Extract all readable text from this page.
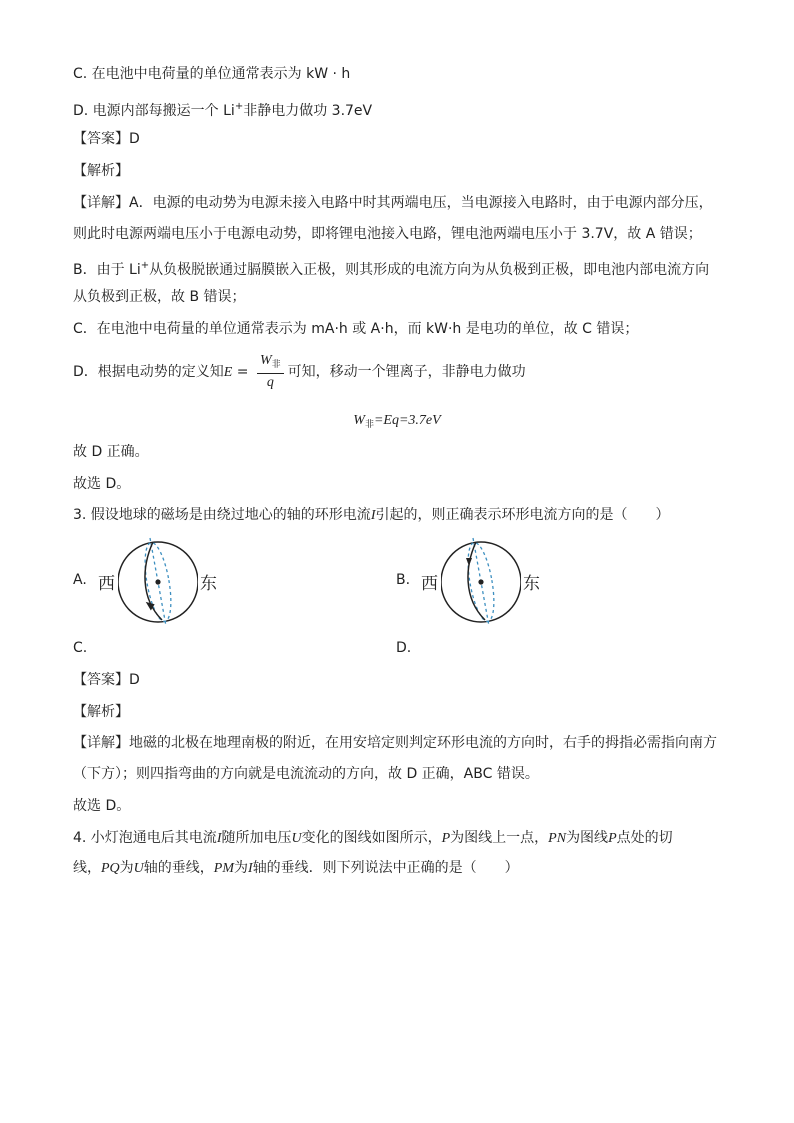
C. 在电池中电荷量的单位通常表示为 kW · h
D. 电源内部每搬运一个 Li+非静电力做功 3.7eV
【答案】D
【解析】
【详解】A．电源的电动势为电源未接入电路中时其两端电压，当电源接入电路时，由于电源内部分压，
则此时电源两端电压小于电源电动势，即将锂电池接入电路，锂电池两端电压小于 3.7V，故 A 错误；
B．由于 Li+从负极脱嵌通过膈膜嵌入正极，则其形成的电流方向为从负极到正极，即电池内部电流方向
从负极到正极，故 B 错误；
C．在电池中电荷量的单位通常表示为 mA·h 或 A·h，而 kW·h 是电功的单位，故 C 错误；
D．根据电动势的定义知$E = \frac{W_非}{q}$ 可知，移动一个锂离子，非静电力做功
$W_非=Eq=3.7eV$
故 D 正确。
故选 D。
3. 假设地球的磁场是由绕过地心的轴的环形电流I引起的，则正确表示环形电流方向的是（　　）
A. 西	东	B. 西	东
C.	D.
【答案】D
【解析】
【详解】地磁的北极在地理南极的附近，在用安培定则判定环形电流的方向时，右手的拇指必需指向南方
（下方）；则四指弯曲的方向就是电流流动的方向，故 D 正确，ABC 错误。
故选 D。
4. 小灯泡通电后其电流I随所加电压U变化的图线如图所示，P为图线上一点，PN为图线P点处的切
线，PQ为U轴的垂线，PM为I轴的垂线．则下列说法中正确的是（　　）
